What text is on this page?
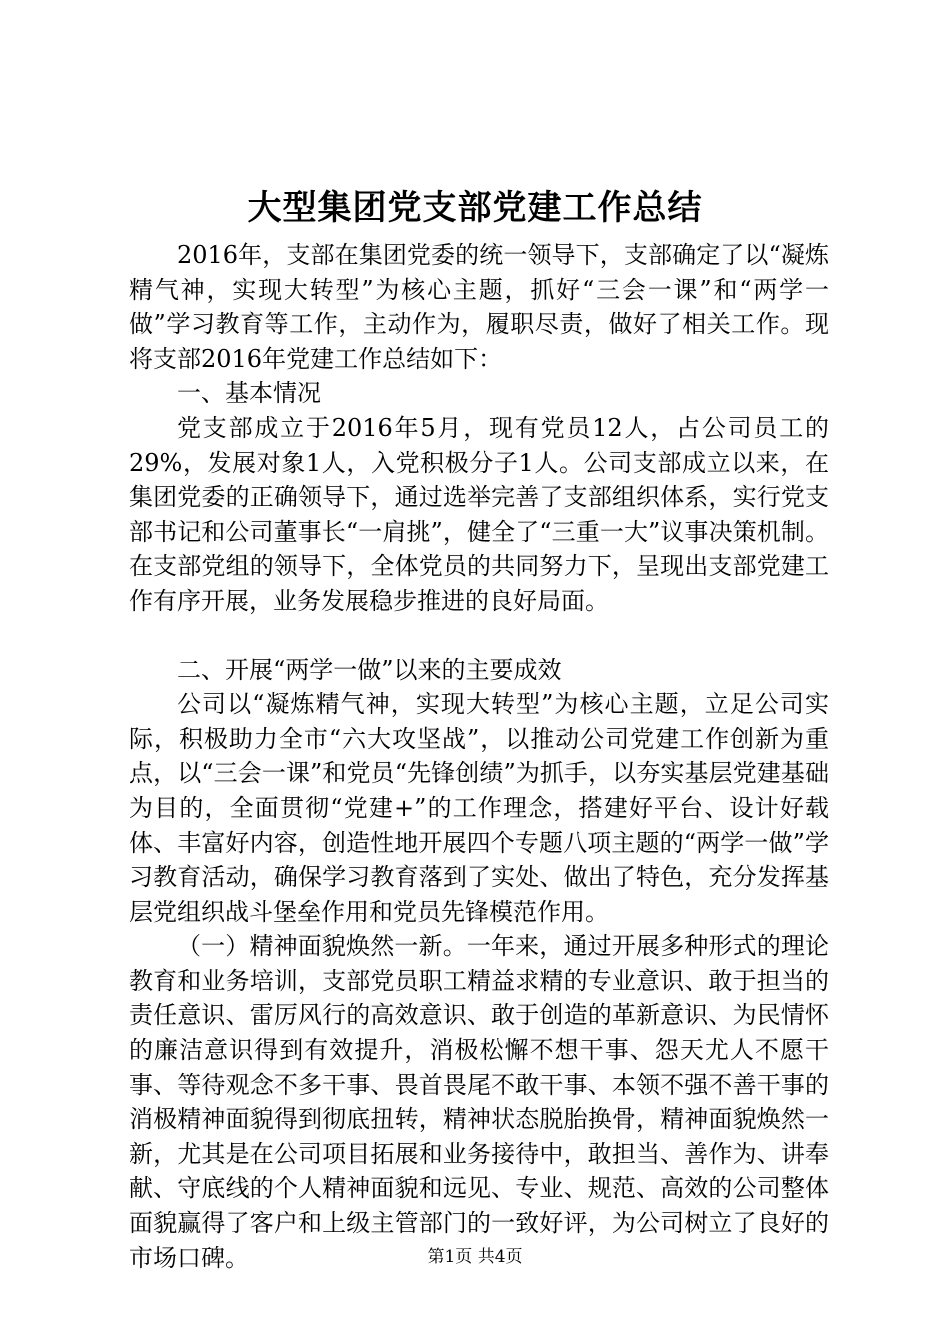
大型集团党支部党建工作总结

2016年，支部在集团党委的统一领导下，支部确定了以“凝炼精气神，实现大转型”为核心主题，抓好“三会一课”和“两学一做”学习教育等工作，主动作为，履职尽责，做好了相关工作。现将支部2016年党建工作总结如下：

一、基本情况

党支部成立于2016年5月，现有党员12人，占公司员工的29%，发展对象1人，入党积极分子1人。公司支部成立以来，在集团党委的正确领导下，通过选举完善了支部组织体系，实行党支部书记和公司董事长“一肩挑”，健全了“三重一大”议事决策机制。在支部党组的领导下，全体党员的共同努力下，呈现出支部党建工作有序开展，业务发展稳步推进的良好局面。

二、开展“两学一做”以来的主要成效

公司以“凝炼精气神，实现大转型”为核心主题，立足公司实际，积极助力全市“六大攻坚战”，以推动公司党建工作创新为重点，以“三会一课”和党员“先锋创绩”为抓手，以夯实基层党建基础为目的，全面贯彻“党建+”的工作理念，搭建好平台、设计好载体、丰富好内容，创造性地开展四个专题八项主题的“两学一做”学习教育活动，确保学习教育落到了实处、做出了特色，充分发挥基层党组织战斗堡垒作用和党员先锋模范作用。

（一）精神面貌焕然一新。一年来，通过开展多种形式的理论教育和业务培训，支部党员职工精益求精的专业意识、敢于担当的责任意识、雷厉风行的高效意识、敢于创造的革新意识、为民情怀的廉洁意识得到有效提升，消极松懈不想干事、怨天尤人不愿干事、等待观念不多干事、畏首畏尾不敢干事、本领不强不善干事的消极精神面貌得到彻底扭转，精神状态脱胎换骨，精神面貌焕然一新，尤其是在公司项目拓展和业务接待中，敢担当、善作为、讲奉献、守底线的个人精神面貌和远见、专业、规范、高效的公司整体面貌赢得了客户和上级主管部门的一致好评，为公司树立了良好的市场口碑。	第1页 共4页
